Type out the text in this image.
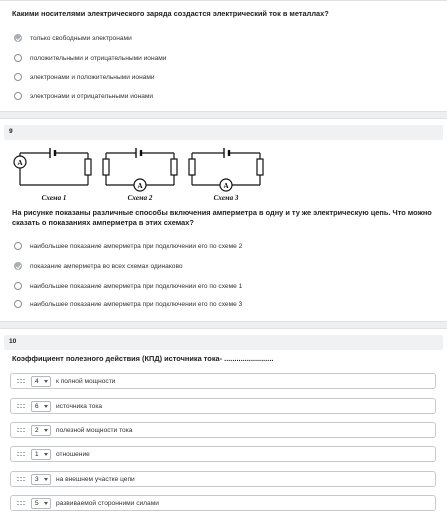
Какими носителями электрического заряда создастся электрический ток в металлах?
только свободными электронами
положительными и отрицательными ионами
электронами и положительными ионами
электронами и отрицательными ионами
9
A
A	A
Схема 1	Схема 2	Схема 3
На рисунке показаны различные способы включения амперметра в одну и ту же электрическую цепь. Что можно
сказать о показаниях амперметра в этих схемах?
наибольшее показание амперметра при подключении его по схеме 2
показание амперметра во всех схемах одинаково
наибольшее показание амперметра при подключении его по схеме 1
наибольшее показание амперметра при подключении его по схеме 3
10
Коэффициент полезного действия (КПД) источника тока- ........................
4	к полной мощности
6	источника тока
2	полезной мощности тока
1	отношение
3	на внешнем участке цепи
5	развиваемой сторонними силами
